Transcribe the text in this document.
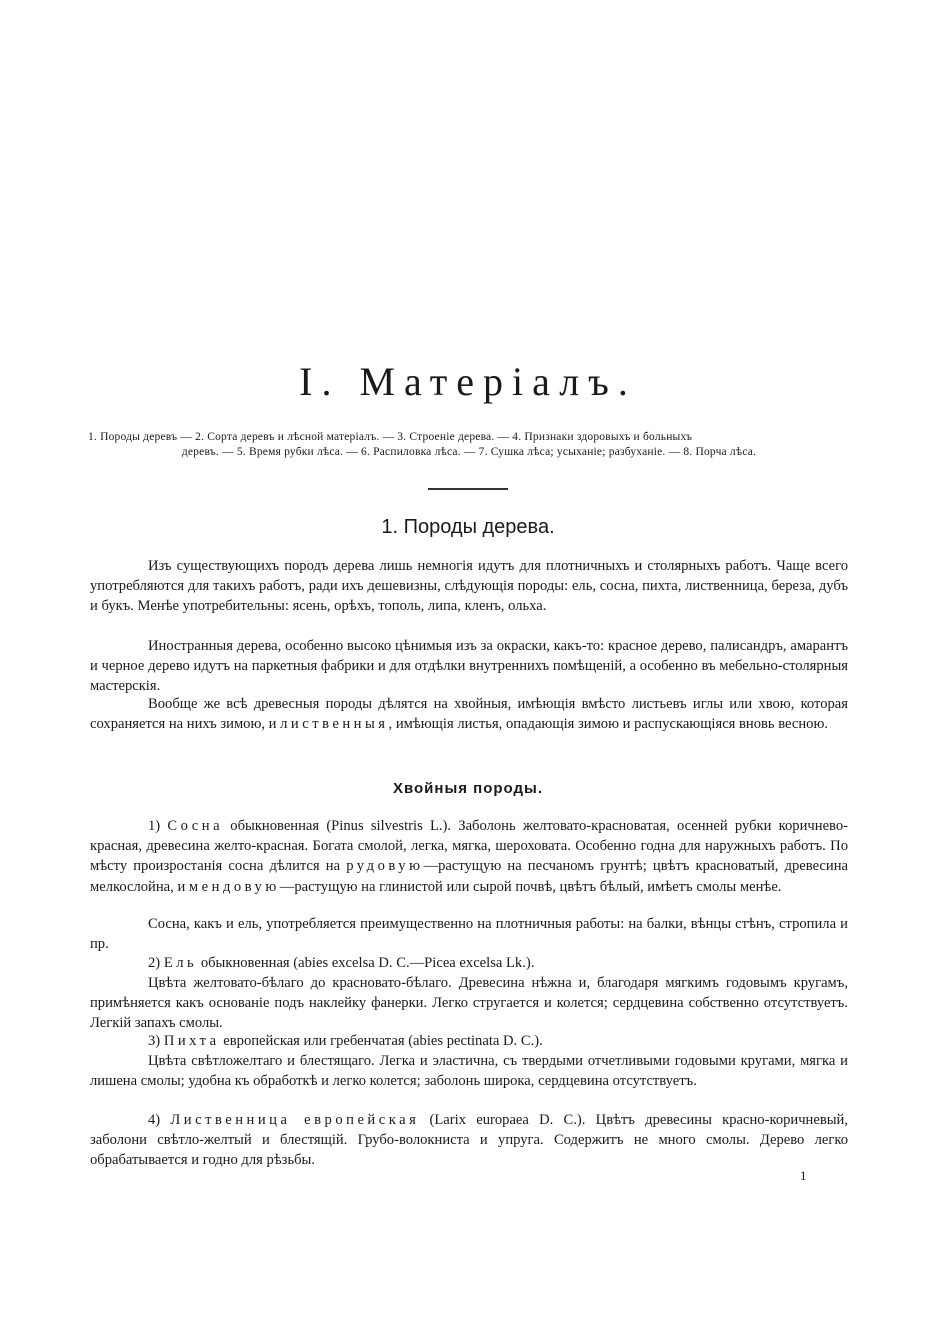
I. Матеріалъ.
1. Породы деревъ — 2. Сорта деревъ и лѣсной матеріалъ. — 3. Строеніе дерева. — 4. Признаки здоровыхъ и больныхъ
деревъ. — 5. Время рубки лѣса. — 6. Распиловка лѣса. — 7. Сушка лѣса; усыханіе; разбуханіе. — 8. Порча лѣса.
1. Породы дерева.

Изъ существующихъ породъ дерева лишь немногія идутъ для плотничныхъ и столярныхъ работъ. Чаще всего употребляются для такихъ работъ, ради ихъ дешевизны, слѣдующія породы: ель, сосна, пихта, лиственница, береза, дубъ и букъ. Менѣе употребительны: ясень, орѣхъ, тополь, липа, кленъ, ольха.

Иностранныя дерева, особенно высоко цѣнимыя изъ за окраски, какъ-то: красное дерево, палисандръ, амарантъ и черное дерево идутъ на паркетныя фабрики и для отдѣлки внутреннихъ помѣщеній, а особенно въ мебельно-столярныя мастерскія.

Вообще же всѣ древесныя породы дѣлятся на хвойныя, имѣющія вмѣсто листьевъ иглы или хвою, которая сохраняется на нихъ зимою, и лиственныя, имѣющія листья, опадающія зимою и распускающіяся вновь весною.

Хвойныя породы.

1) Сосна обыкновенная (Pinus silvestris L.). Заболонь желтовато-красноватая, осенней рубки коричнево-красная, древесина желто-красная. Богата смолой, легка, мягка, шероховата. Особенно годна для наружныхъ работъ. По мѣсту произростанія сосна дѣлится на рудовую—растущую на песчаномъ грунтѣ; цвѣтъ красноватый, древесина мелкослойна, и мендовую—растущую на глинистой или сырой почвѣ, цвѣтъ бѣлый, имѣетъ смолы менѣе.

Сосна, какъ и ель, употребляется преимущественно на плотничныя работы: на балки, вѣнцы стѣнъ, стропила и пр.

2) Ель обыкновенная (abies excelsa D. C.—Picea excelsa Lk.).

Цвѣта желтовато-бѣлаго до красновато-бѣлаго. Древесина нѣжна и, благодаря мягкимъ годовымъ кругамъ, примѣняется какъ основаніе подъ наклейку фанерки. Легко стругается и колется; сердцевина собственно отсутствуетъ. Легкій запахъ смолы.

3) Пихта европейская или гребенчатая (abies pectinata D. C.).

Цвѣта свѣтложелтаго и блестящаго. Легка и эластична, съ твердыми отчетливыми годовыми кругами, мягка и лишена смолы; удобна къ обработкѣ и легко колется; заболонь широка, сердцевина отсутствуетъ.

4) Лиственница европейская (Larix europaea D. C.). Цвѣтъ древесины красно-коричневый, заболони свѣтло-желтый и блестящій. Грубо-волокниста и упруга. Содержитъ не много смолы. Дерево легко обрабатывается и годно для рѣзьбы.

1
